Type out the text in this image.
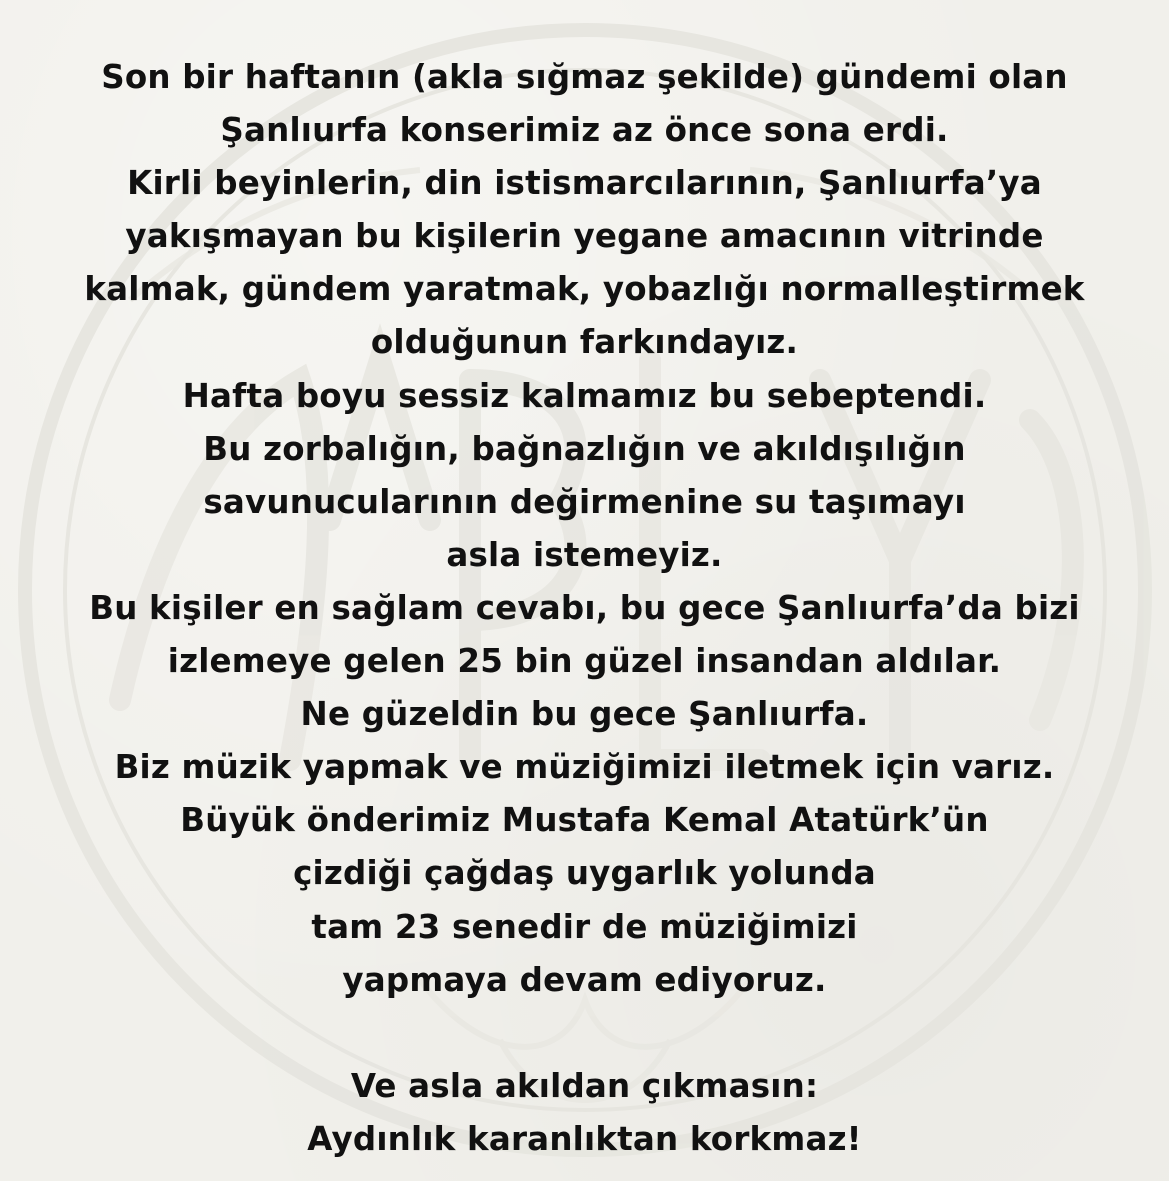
Son bir haftanın (akla sığmaz şekilde) gündemi olan
Şanlıurfa konserimiz az önce sona erdi.
Kirli beyinlerin, din istismarcılarının, Şanlıurfa’ya
yakışmayan bu kişilerin yegane amacının vitrinde
kalmak, gündem yaratmak, yobazlığı normalleştirmek
olduğunun farkındayız.
Hafta boyu sessiz kalmamız bu sebeptendi.
Bu zorbalığın, bağnazlığın ve akıldışılığın
savunucularının değirmenine su taşımayı
asla istemeyiz.
Bu kişiler en sağlam cevabı, bu gece Şanlıurfa’da bizi
izlemeye gelen 25 bin güzel insandan aldılar.
Ne güzeldin bu gece Şanlıurfa.
Biz müzik yapmak ve müziğimizi iletmek için varız.
Büyük önderimiz Mustafa Kemal Atatürk’ün
çizdiği çağdaş uygarlık yolunda
tam 23 senedir de müziğimizi
yapmaya devam ediyoruz.
Ve asla akıldan çıkmasın:
Aydınlık karanlıktan korkmaz!
